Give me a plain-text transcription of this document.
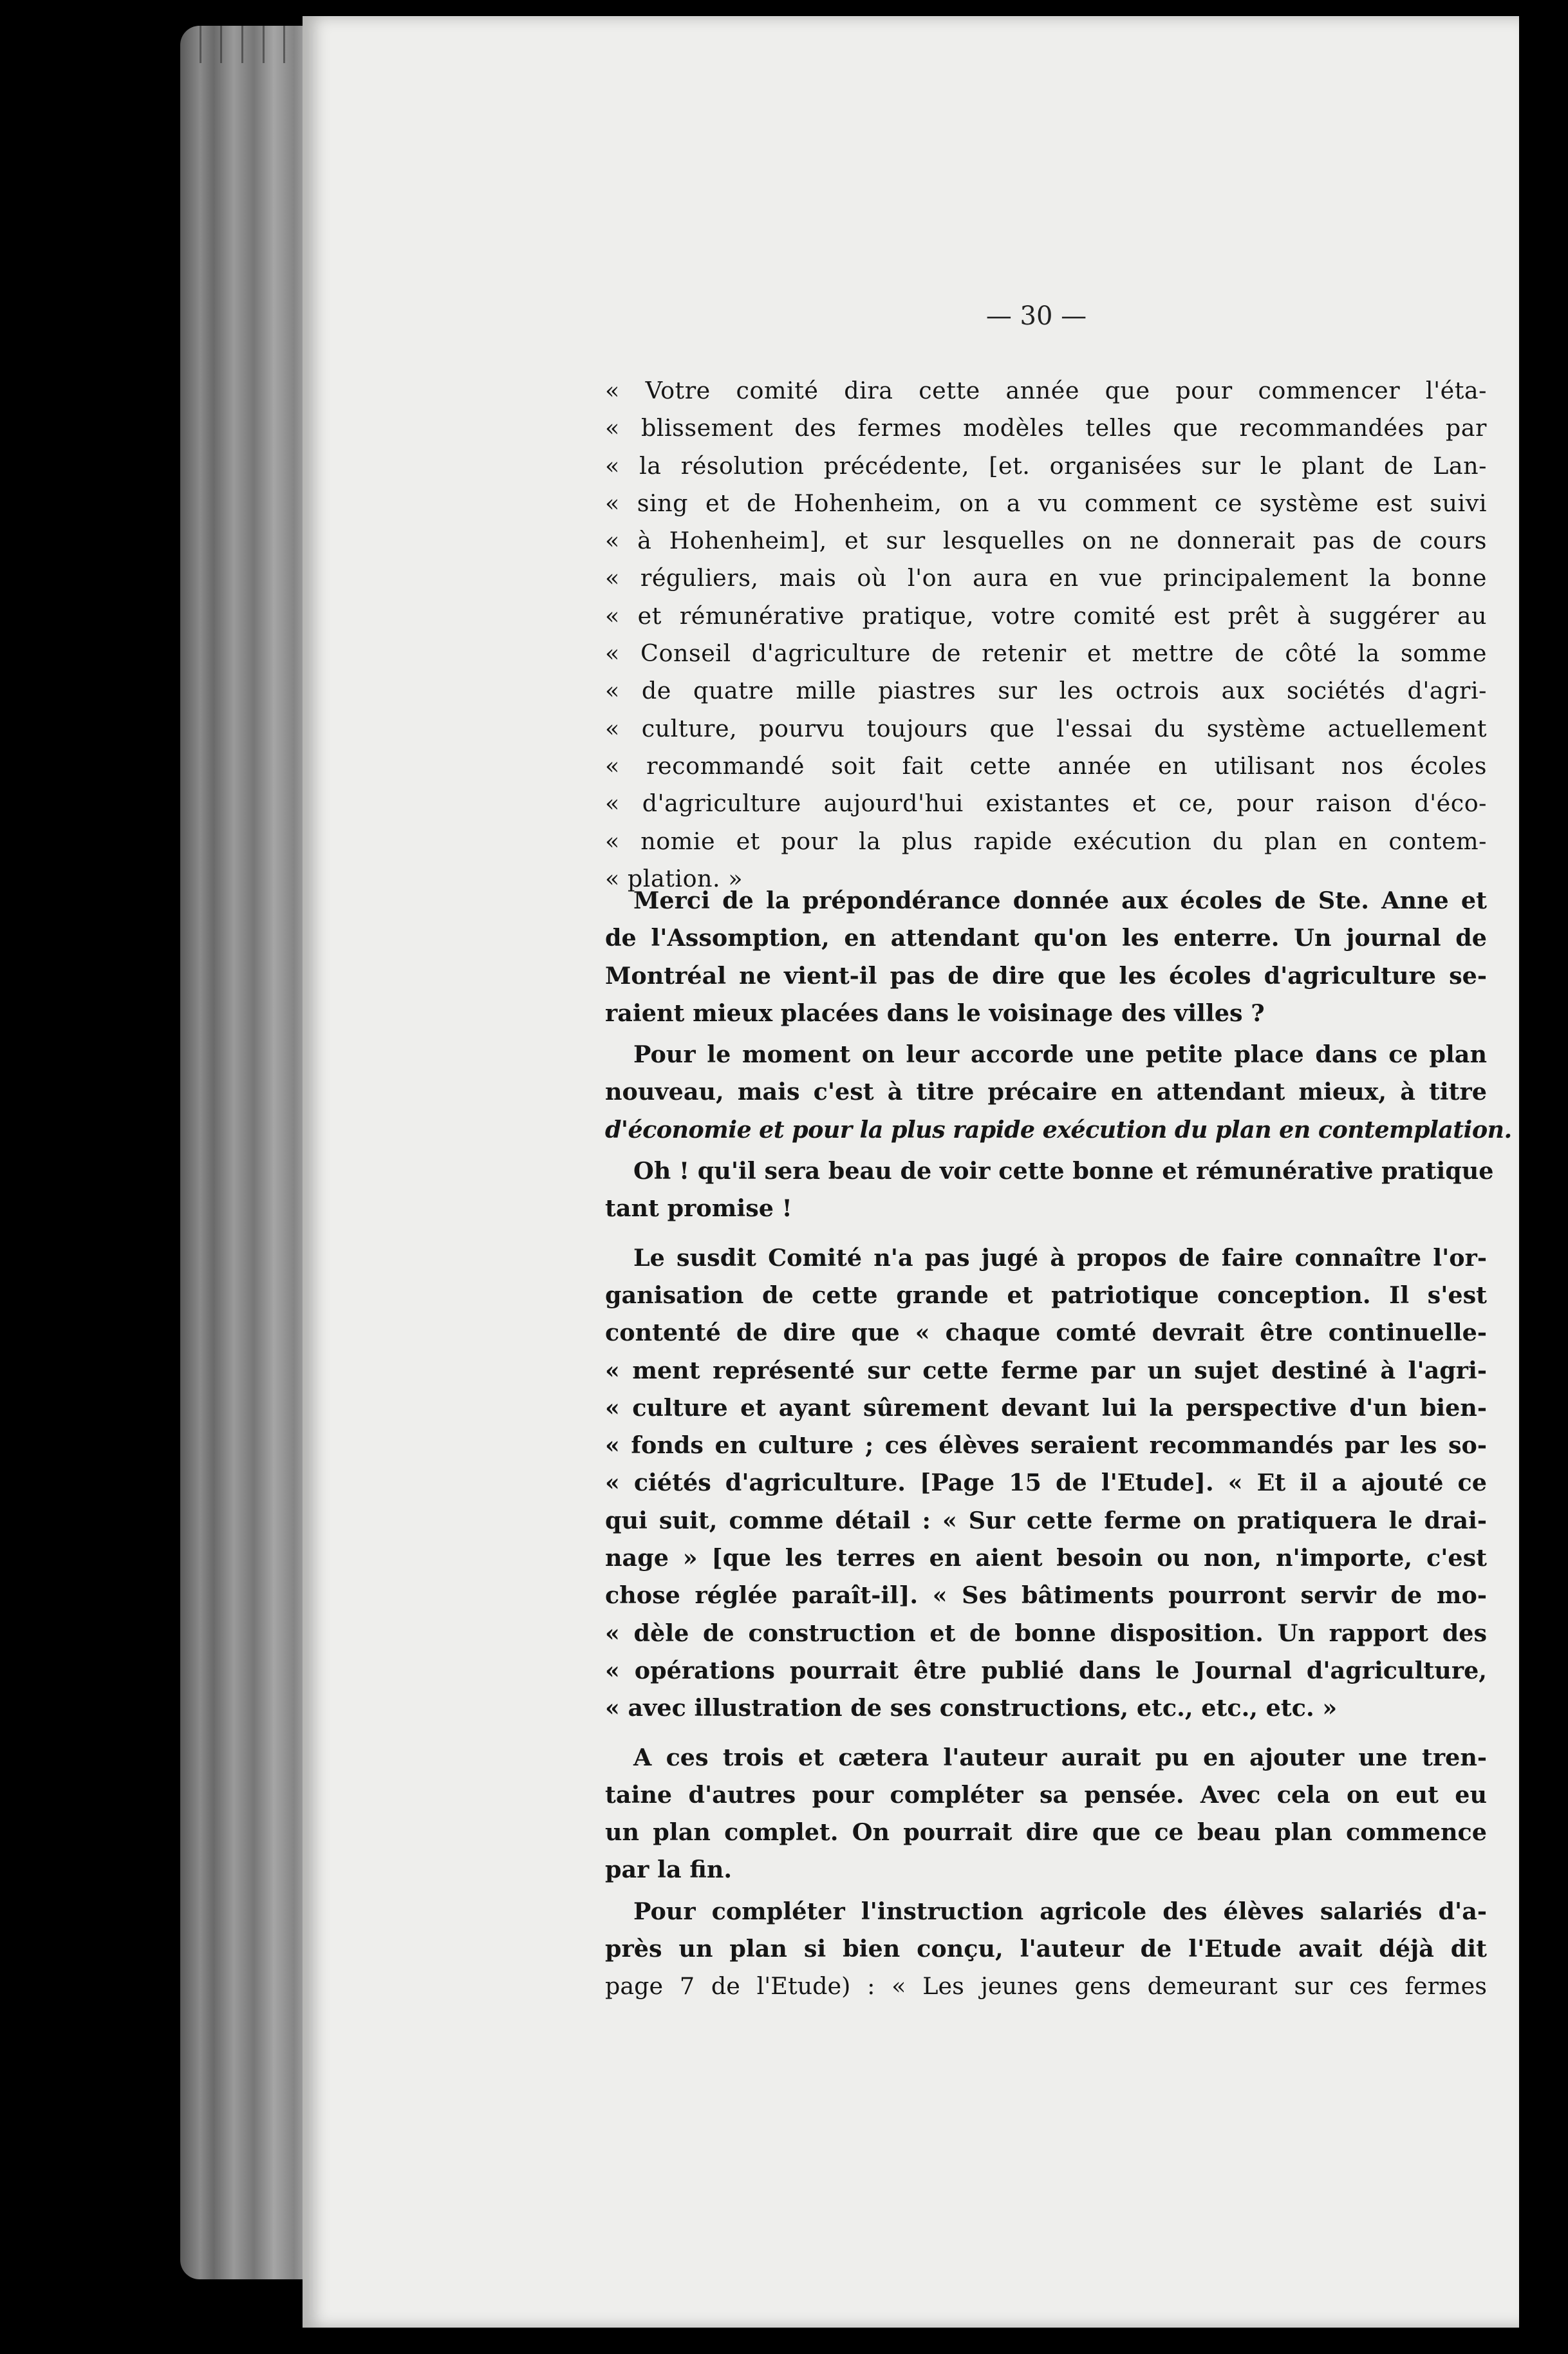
— 30 —
« Votre comité dira cette année que pour commencer l'éta-
« blissement des fermes modèles telles que recommandées par
« la résolution précédente, [et. organisées sur le plant de Lan-
« sing et de Hohenheim, on a vu comment ce système est suivi
« à Hohenheim], et sur lesquelles on ne donnerait pas de cours
« réguliers, mais où l'on aura en vue principalement la bonne
« et rémunérative pratique, votre comité est prêt à suggérer au
« Conseil d'agriculture de retenir et mettre de côté la somme
« de quatre mille piastres sur les octrois aux sociétés d'agri-
« culture, pourvu toujours que l'essai du système actuellement
« recommandé soit fait cette année en utilisant nos écoles
« d'agriculture aujourd'hui existantes et ce, pour raison d'éco-
« nomie et pour la plus rapide exécution du plan en contem-
« plation. »
Merci de la prépondérance donnée aux écoles de Ste. Anne et
de l'Assomption, en attendant qu'on les enterre. Un journal de
Montréal ne vient-il pas de dire que les écoles d'agriculture se-
raient mieux placées dans le voisinage des villes ?
Pour le moment on leur accorde une petite place dans ce plan
nouveau, mais c'est à titre précaire en attendant mieux, à titre
d'économie et pour la plus rapide exécution du plan en contemplation.
Oh ! qu'il sera beau de voir cette bonne et rémunérative pratique
tant promise !
Le susdit Comité n'a pas jugé à propos de faire connaître l'or-
ganisation de cette grande et patriotique conception. Il s'est
contenté de dire que « chaque comté devrait être continuelle-
« ment représenté sur cette ferme par un sujet destiné à l'agri-
« culture et ayant sûrement devant lui la perspective d'un bien-
« fonds en culture ; ces élèves seraient recommandés par les so-
« ciétés d'agriculture. [Page 15 de l'Etude]. « Et il a ajouté ce
qui suit, comme détail : « Sur cette ferme on pratiquera le drai-
nage » [que les terres en aient besoin ou non, n'importe, c'est
chose réglée paraît-il]. « Ses bâtiments pourront servir de mo-
« dèle de construction et de bonne disposition. Un rapport des
« opérations pourrait être publié dans le Journal d'agriculture,
« avec illustration de ses constructions, etc., etc., etc. »
A ces trois et cætera l'auteur aurait pu en ajouter une tren-
taine d'autres pour compléter sa pensée. Avec cela on eut eu
un plan complet. On pourrait dire que ce beau plan commence
par la fin.
Pour compléter l'instruction agricole des élèves salariés d'a-
près un plan si bien conçu, l'auteur de l'Etude avait déjà dit
page 7 de l'Etude) : « Les jeunes gens demeurant sur ces fermes
